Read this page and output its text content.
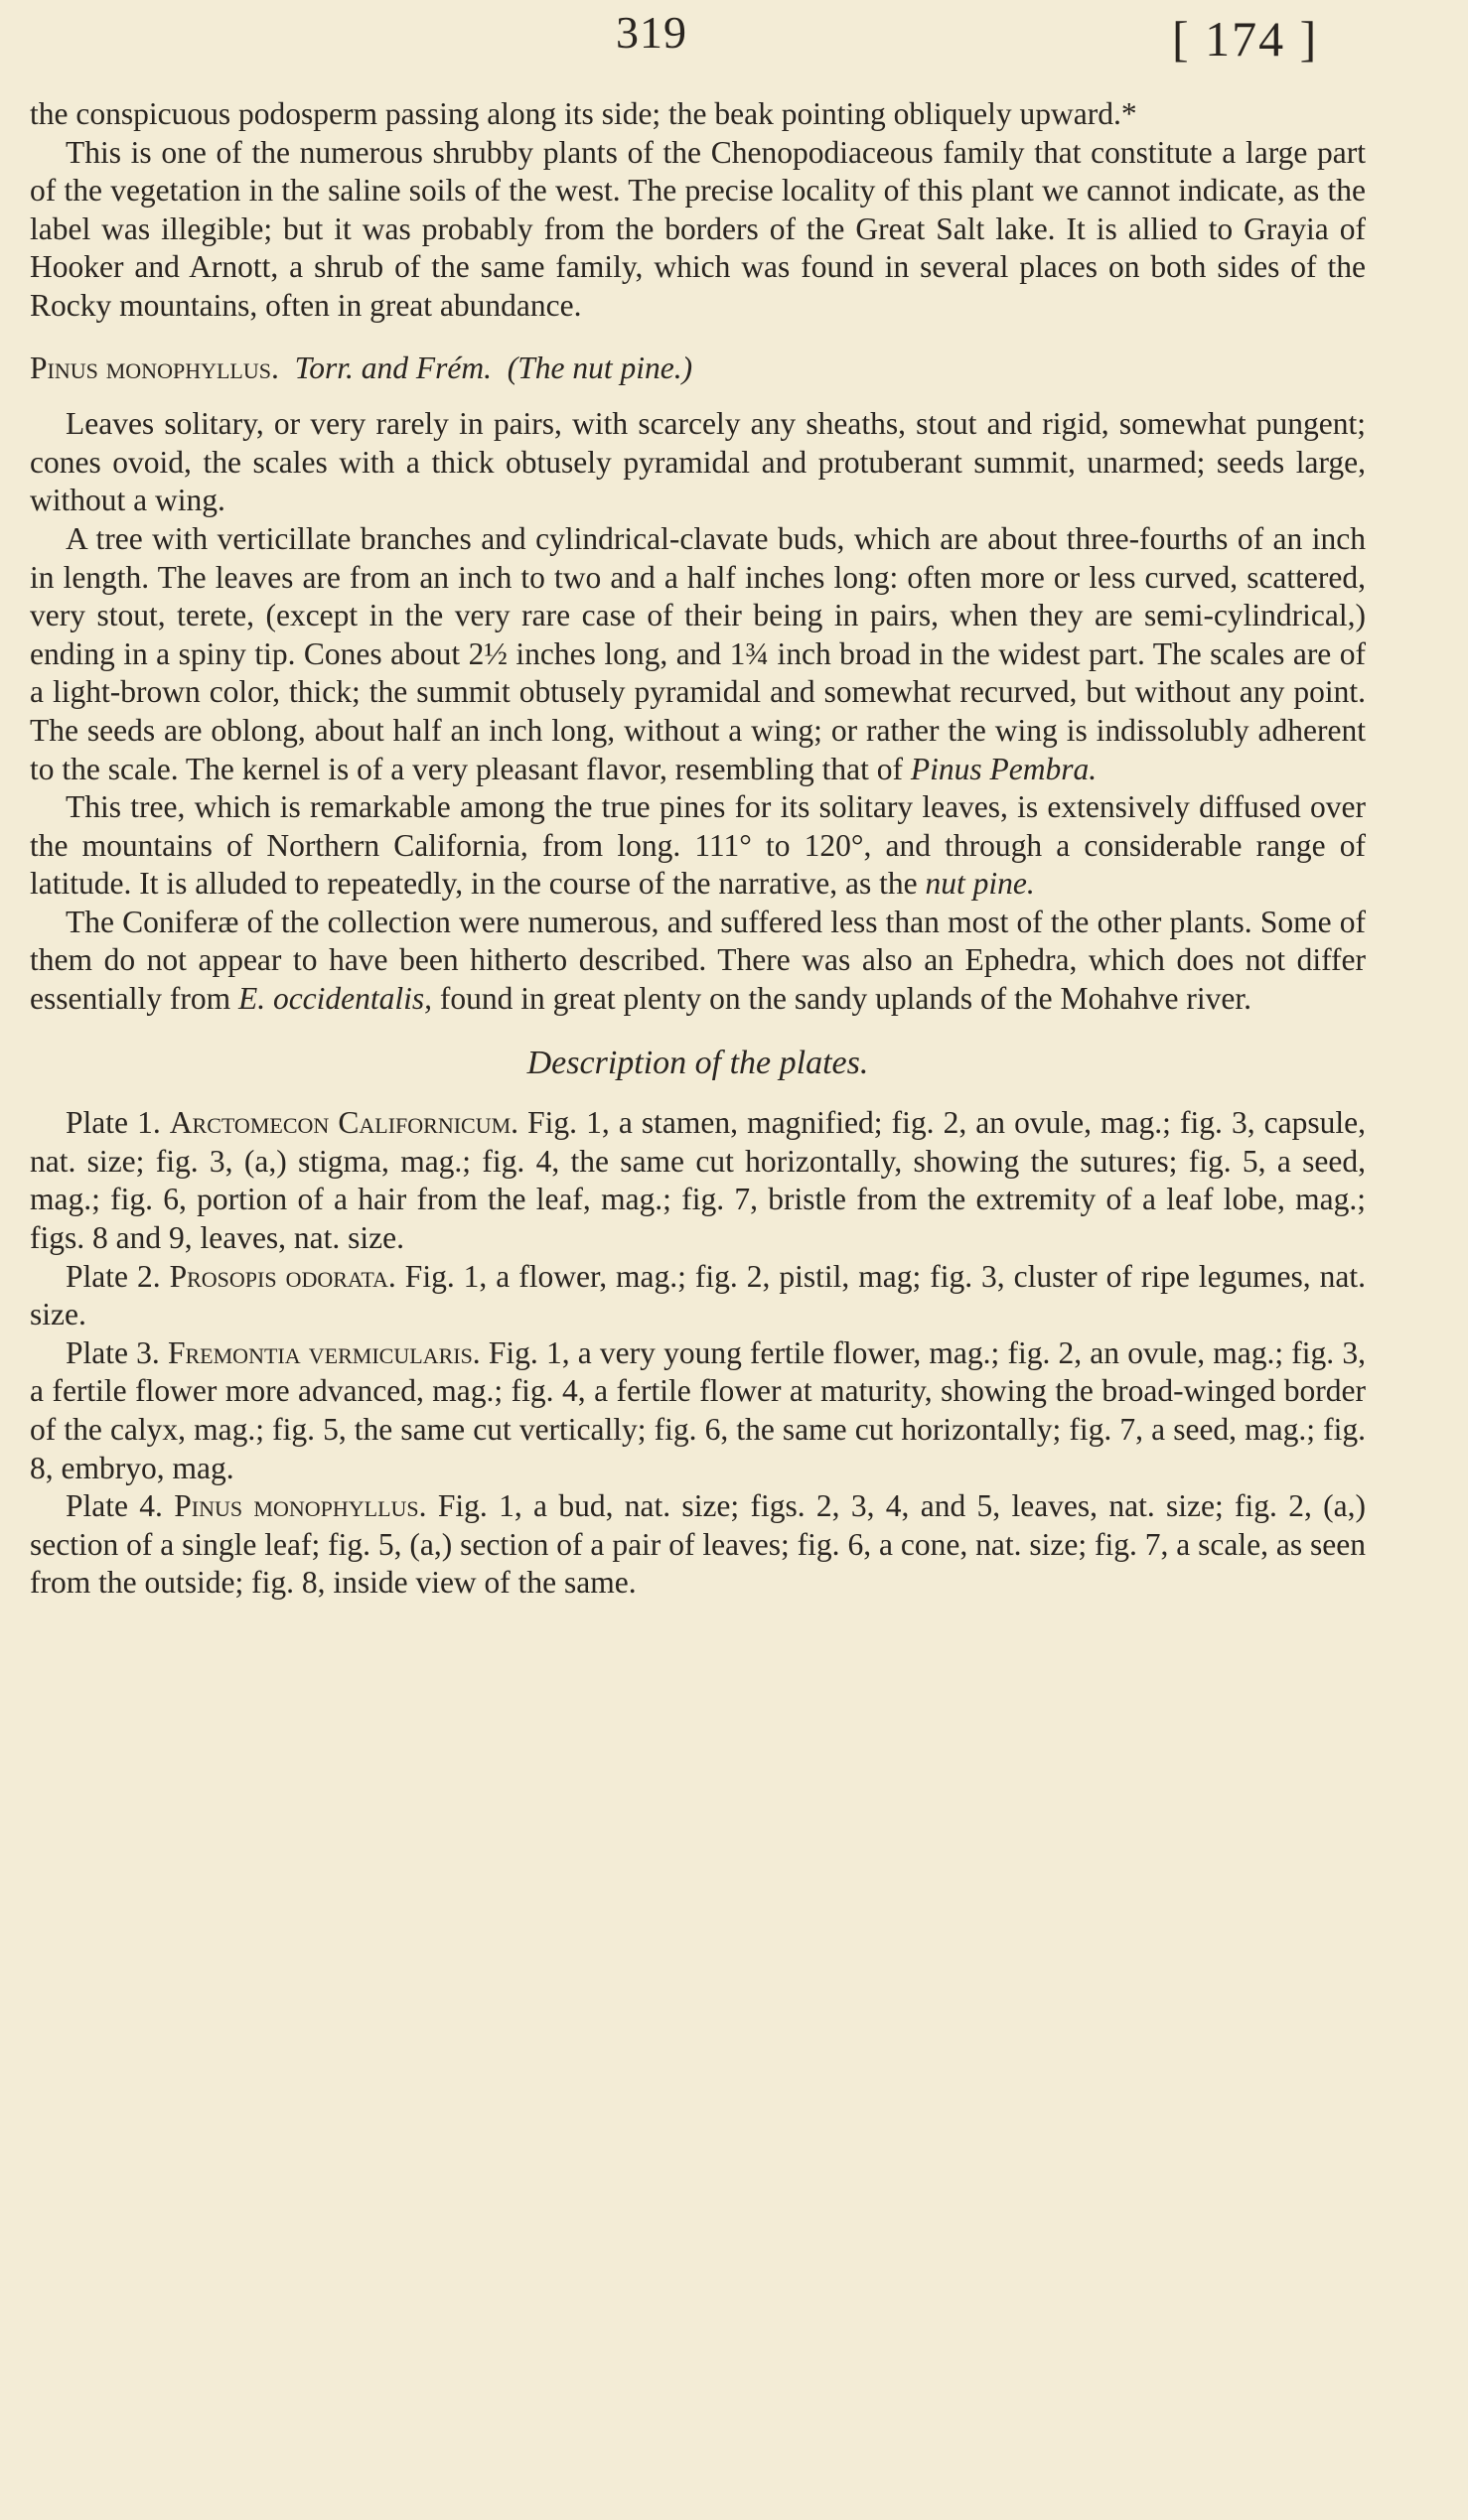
319	[ 174 ]

the conspicuous podosperm passing along its side; the beak pointing obliquely upward.*

This is one of the numerous shrubby plants of the Chenopodiaceous family that constitute a large part of the vegetation in the saline soils of the west. The precise locality of this plant we cannot indicate, as the label was illegible; but it was probably from the borders of the Great Salt lake. It is allied to Grayia of Hooker and Arnott, a shrub of the same family, which was found in several places on both sides of the Rocky mountains, often in great abundance.

Pinus monophyllus. Torr. and Frém. (The nut pine.)

Leaves solitary, or very rarely in pairs, with scarcely any sheaths, stout and rigid, somewhat pungent; cones ovoid, the scales with a thick obtusely pyramidal and protuberant summit, unarmed; seeds large, without a wing.

A tree with verticillate branches and cylindrical-clavate buds, which are about three-fourths of an inch in length. The leaves are from an inch to two and a half inches long: often more or less curved, scattered, very stout, terete, (except in the very rare case of their being in pairs, when they are semi-cylindrical,) ending in a spiny tip. Cones about 2½ inches long, and 1¾ inch broad in the widest part. The scales are of a light-brown color, thick; the summit obtusely pyramidal and somewhat recurved, but without any point. The seeds are oblong, about half an inch long, without a wing; or rather the wing is indissolubly adherent to the scale. The kernel is of a very pleasant flavor, resembling that of Pinus Pembra.

This tree, which is remarkable among the true pines for its solitary leaves, is extensively diffused over the mountains of Northern California, from long. 111° to 120°, and through a considerable range of latitude. It is alluded to repeatedly, in the course of the narrative, as the nut pine.

The Coniferæ of the collection were numerous, and suffered less than most of the other plants. Some of them do not appear to have been hitherto described. There was also an Ephedra, which does not differ essentially from E. occidentalis, found in great plenty on the sandy uplands of the Mohahve river.

Description of the plates.

Plate 1. Arctomecon Californicum. Fig. 1, a stamen, magnified; fig. 2, an ovule, mag.; fig. 3, capsule, nat. size; fig. 3, (a,) stigma, mag.; fig. 4, the same cut horizontally, showing the sutures; fig. 5, a seed, mag.; fig. 6, portion of a hair from the leaf, mag.; fig. 7, bristle from the extremity of a leaf lobe, mag.; figs. 8 and 9, leaves, nat. size.

Plate 2. Prosopis odorata. Fig. 1, a flower, mag.; fig. 2, pistil, mag; fig. 3, cluster of ripe legumes, nat. size.

Plate 3. Fremontia vermicularis. Fig. 1, a very young fertile flower, mag.; fig. 2, an ovule, mag.; fig. 3, a fertile flower more advanced, mag.; fig. 4, a fertile flower at maturity, showing the broad-winged border of the calyx, mag.; fig. 5, the same cut vertically; fig. 6, the same cut horizontally; fig. 7, a seed, mag.; fig. 8, embryo, mag.

Plate 4. Pinus monophyllus. Fig. 1, a bud, nat. size; figs. 2, 3, 4, and 5, leaves, nat. size; fig. 2, (a,) section of a single leaf; fig. 5, (a,) section of a pair of leaves; fig. 6, a cone, nat. size; fig. 7, a scale, as seen from the outside; fig. 8, inside view of the same.
